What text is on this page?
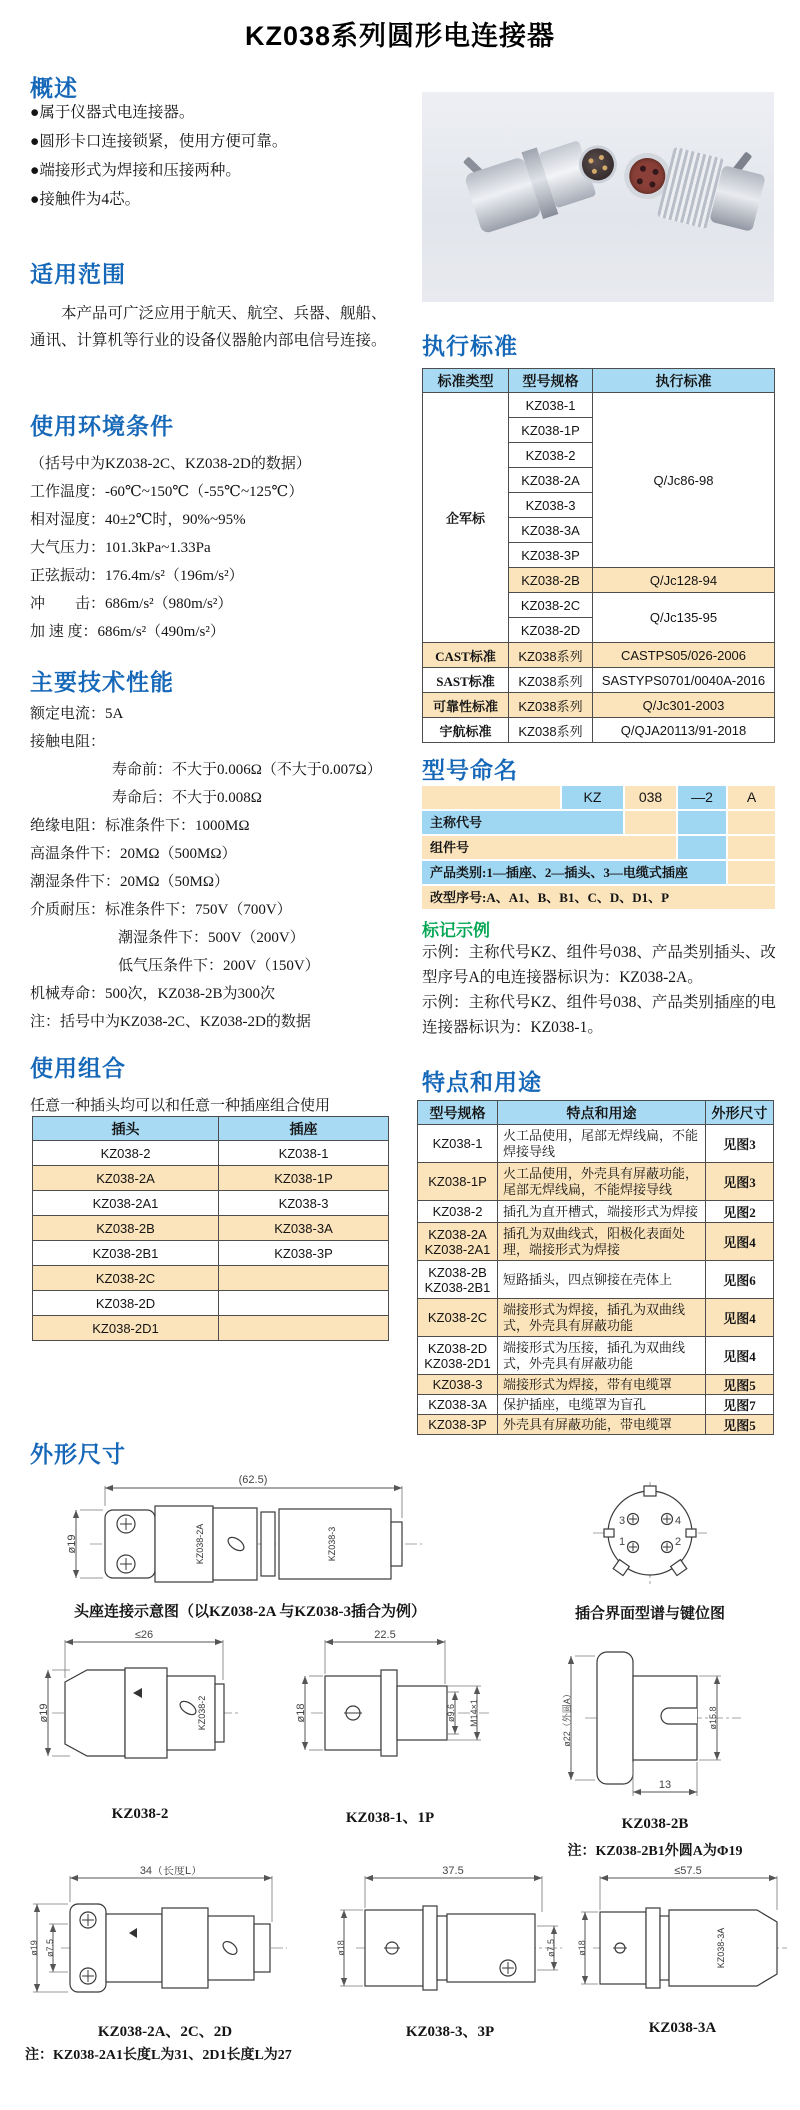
KZ038系列圆形电连接器
概述
●属于仪器式电连接器。
●圆形卡口连接锁紧，使用方便可靠。
●端接形式为焊接和压接两种。
●接触件为4芯。
适用范围
本产品可广泛应用于航天、航空、兵器、舰船、通讯、计算机等行业的设备仪器舱内部电信号连接。
使用环境条件
（括号中为KZ038-2C、KZ038-2D的数据）
工作温度：-60℃~150℃（-55℃~125℃）
相对湿度：40±2℃时，90%~95%
大气压力：101.3kPa~1.33Pa
正弦振动：176.4m/s²（196m/s²）
冲　　击：686m/s²（980m/s²）
加 速 度：686m/s²（490m/s²）
主要技术性能
额定电流：5A
接触电阻：
寿命前：不大于0.006Ω（不大于0.007Ω）
寿命后：不大于0.008Ω
绝缘电阻：标准条件下：1000MΩ
高温条件下：20MΩ（500MΩ）
潮湿条件下：20MΩ（50MΩ）
介质耐压：标准条件下：750V（700V）
潮湿条件下：500V（200V）
低气压条件下：200V（150V）
机械寿命：500次，KZ038-2B为300次
注：括号中为KZ038-2C、KZ038-2D的数据
使用组合
任意一种插头均可以和任意一种插座组合使用
插头	插座
KZ038-2	KZ038-1
KZ038-2A	KZ038-1P
KZ038-2A1	KZ038-3
KZ038-2B	KZ038-3A
KZ038-2B1	KZ038-3P
KZ038-2C	
KZ038-2D	
KZ038-2D1	
执行标准
标准类型	型号规格	执行标准
企军标	KZ038-1	Q/Jc86-98
	KZ038-1P	
	KZ038-2	
	KZ038-2A	
	KZ038-3	
	KZ038-3A	
	KZ038-3P	
	KZ038-2B	Q/Jc128-94
	KZ038-2C	Q/Jc135-95
	KZ038-2D	
CAST标准	KZ038系列	CASTPS05/026-2006
SAST标准	KZ038系列	SASTYPS0701/0040A-2016
可靠性标准	KZ038系列	Q/Jc301-2003
宇航标准	KZ038系列	Q/QJA20113/91-2018
型号命名
KZ	038	—2	A
主称代号
组件号
产品类别:1—插座、2—插头、3—电缆式插座
改型序号:A、A1、B、B1、C、D、D1、P
标记示例
示例：主称代号KZ、组件号038、产品类别插头、改型序号A的电连接器标识为：KZ038-2A。
示例：主称代号KZ、组件号038、产品类别插座的电连接器标识为：KZ038-1。
特点和用途
型号规格	特点和用途	外形尺寸
KZ038-1	火工品使用，尾部无焊线扁，不能焊接导线	见图3
KZ038-1P	火工品使用，外壳具有屏蔽功能，尾部无焊线扁，不能焊接导线	见图3
KZ038-2	插孔为直开槽式，端接形式为焊接	见图2

KZ038-2A
KZ038-2A1	插孔为双曲线式，阳极化表面处理，端接形式为焊接	见图4

KZ038-2B
KZ038-2B1	短路插头，四点铆接在壳体上	见图6
KZ038-2C	端接形式为焊接，插孔为双曲线式，外壳具有屏蔽功能	见图4

KZ038-2D
KZ038-2D1	端接形式为压接，插孔为双曲线式，外壳具有屏蔽功能	见图4
KZ038-3	端接形式为焊接，带有电缆罩	见图5
KZ038-3A	保护插座，电缆罩为盲孔	见图7
KZ038-3P	外壳具有屏蔽功能，带电缆罩	见图5
外形尺寸
(62.5)
ø19	KZ038-2A	KZ038-3
头座连接示意图（以KZ038-2A 与KZ038-3插合为例）
3	4
1	2
插合界面型谱与键位图
≤26
ø19	KZ038-2
KZ038-2
22.5
ø18	ø9.6 M14×1
KZ038-1、1P
ø22（外圆A）	ø15.8
13
KZ038-2B
注：KZ038-2B1外圆A为Φ19
34（长度L）
ø19 ø7.5
KZ038-2A、2C、2D
注：KZ038-2A1长度L为31、2D1长度L为27
37.5
ø18	ø7.5
KZ038-3、3P
≤57.5
ø18	KZ038-3A
KZ038-3A
